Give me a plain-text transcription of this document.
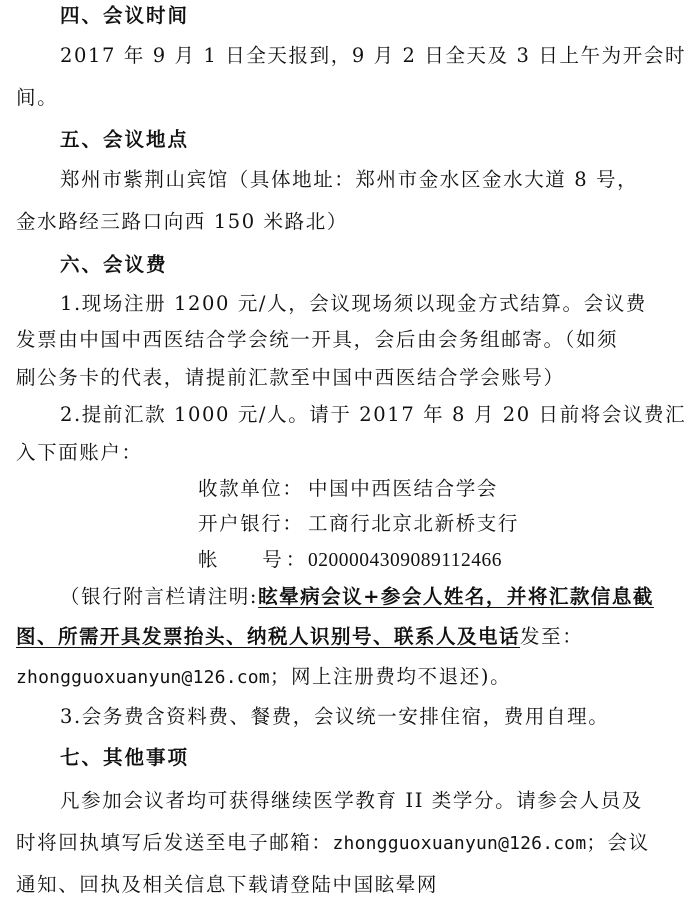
四、会议时间
2017 年 9 月 1 日全天报到，9 月 2 日全天及 3 日上午为开会时
间。
五、会议地点
郑州市紫荆山宾馆（具体地址：郑州市金水区金水大道 8 号，
金水路经三路口向西 150 米路北）
六、会议费
1.现场注册 1200 元/人，会议现场须以现金方式结算。会议费
发票由中国中西医结合学会统一开具，会后由会务组邮寄。（如须
刷公务卡的代表，请提前汇款至中国中西医结合学会账号）
2.提前汇款 1000 元/人。请于 2017 年 8 月 20 日前将会议费汇
入下面账户：
收款单位： 中国中西医结合学会
开户银行： 工商行北京北新桥支行
帐    号：0200004309089112466
（银行附言栏请注明:眩晕病会议+参会人姓名，并将汇款信息截
图、所需开具发票抬头、纳税人识别号、联系人及电话发至：
zhongguoxuanyun@126.com；网上注册费均不退还)。
3.会务费含资料费、餐费，会议统一安排住宿，费用自理。
七、其他事项
凡参加会议者均可获得继续医学教育 II 类学分。请参会人员及
时将回执填写后发送至电子邮箱：zhongguoxuanyun@126.com；会议
通知、回执及相关信息下载请登陆中国眩晕网
